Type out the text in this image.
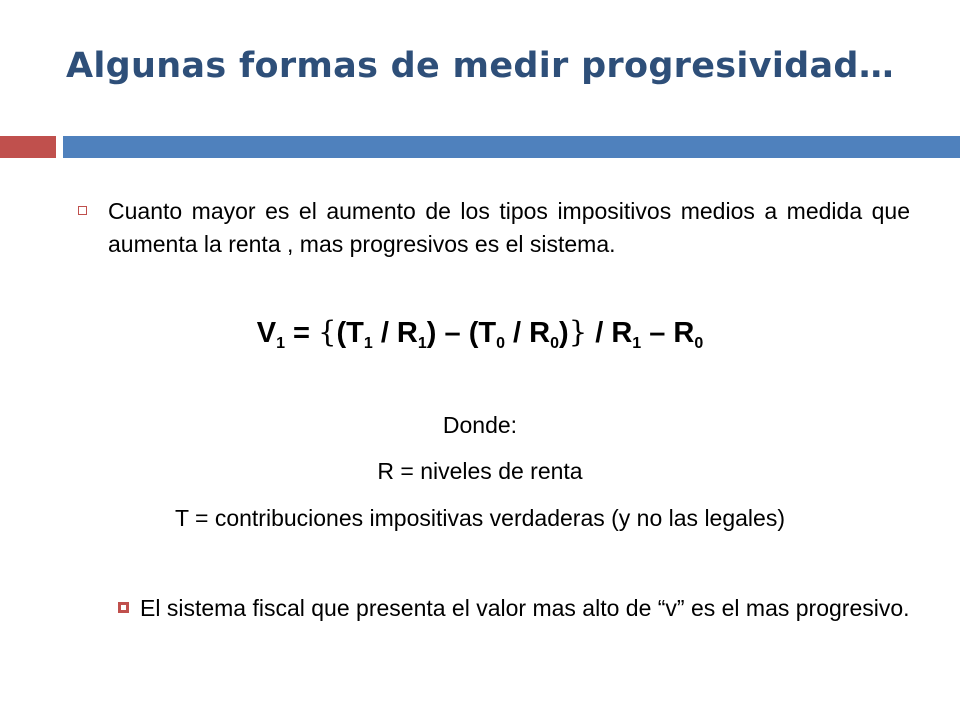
Algunas formas de medir progresividad…
Cuanto mayor es el aumento de los tipos impositivos medios a medida que aumenta la renta , mas progresivos es el sistema.
$V_1 = \{(T_1 / R_1) - (T_0 / R_0)\} / R_1 - R_0$
Donde:
R = niveles de renta
T = contribuciones impositivas verdaderas (y no las legales)
El sistema fiscal que presenta el valor mas alto de “v” es el mas progresivo.
